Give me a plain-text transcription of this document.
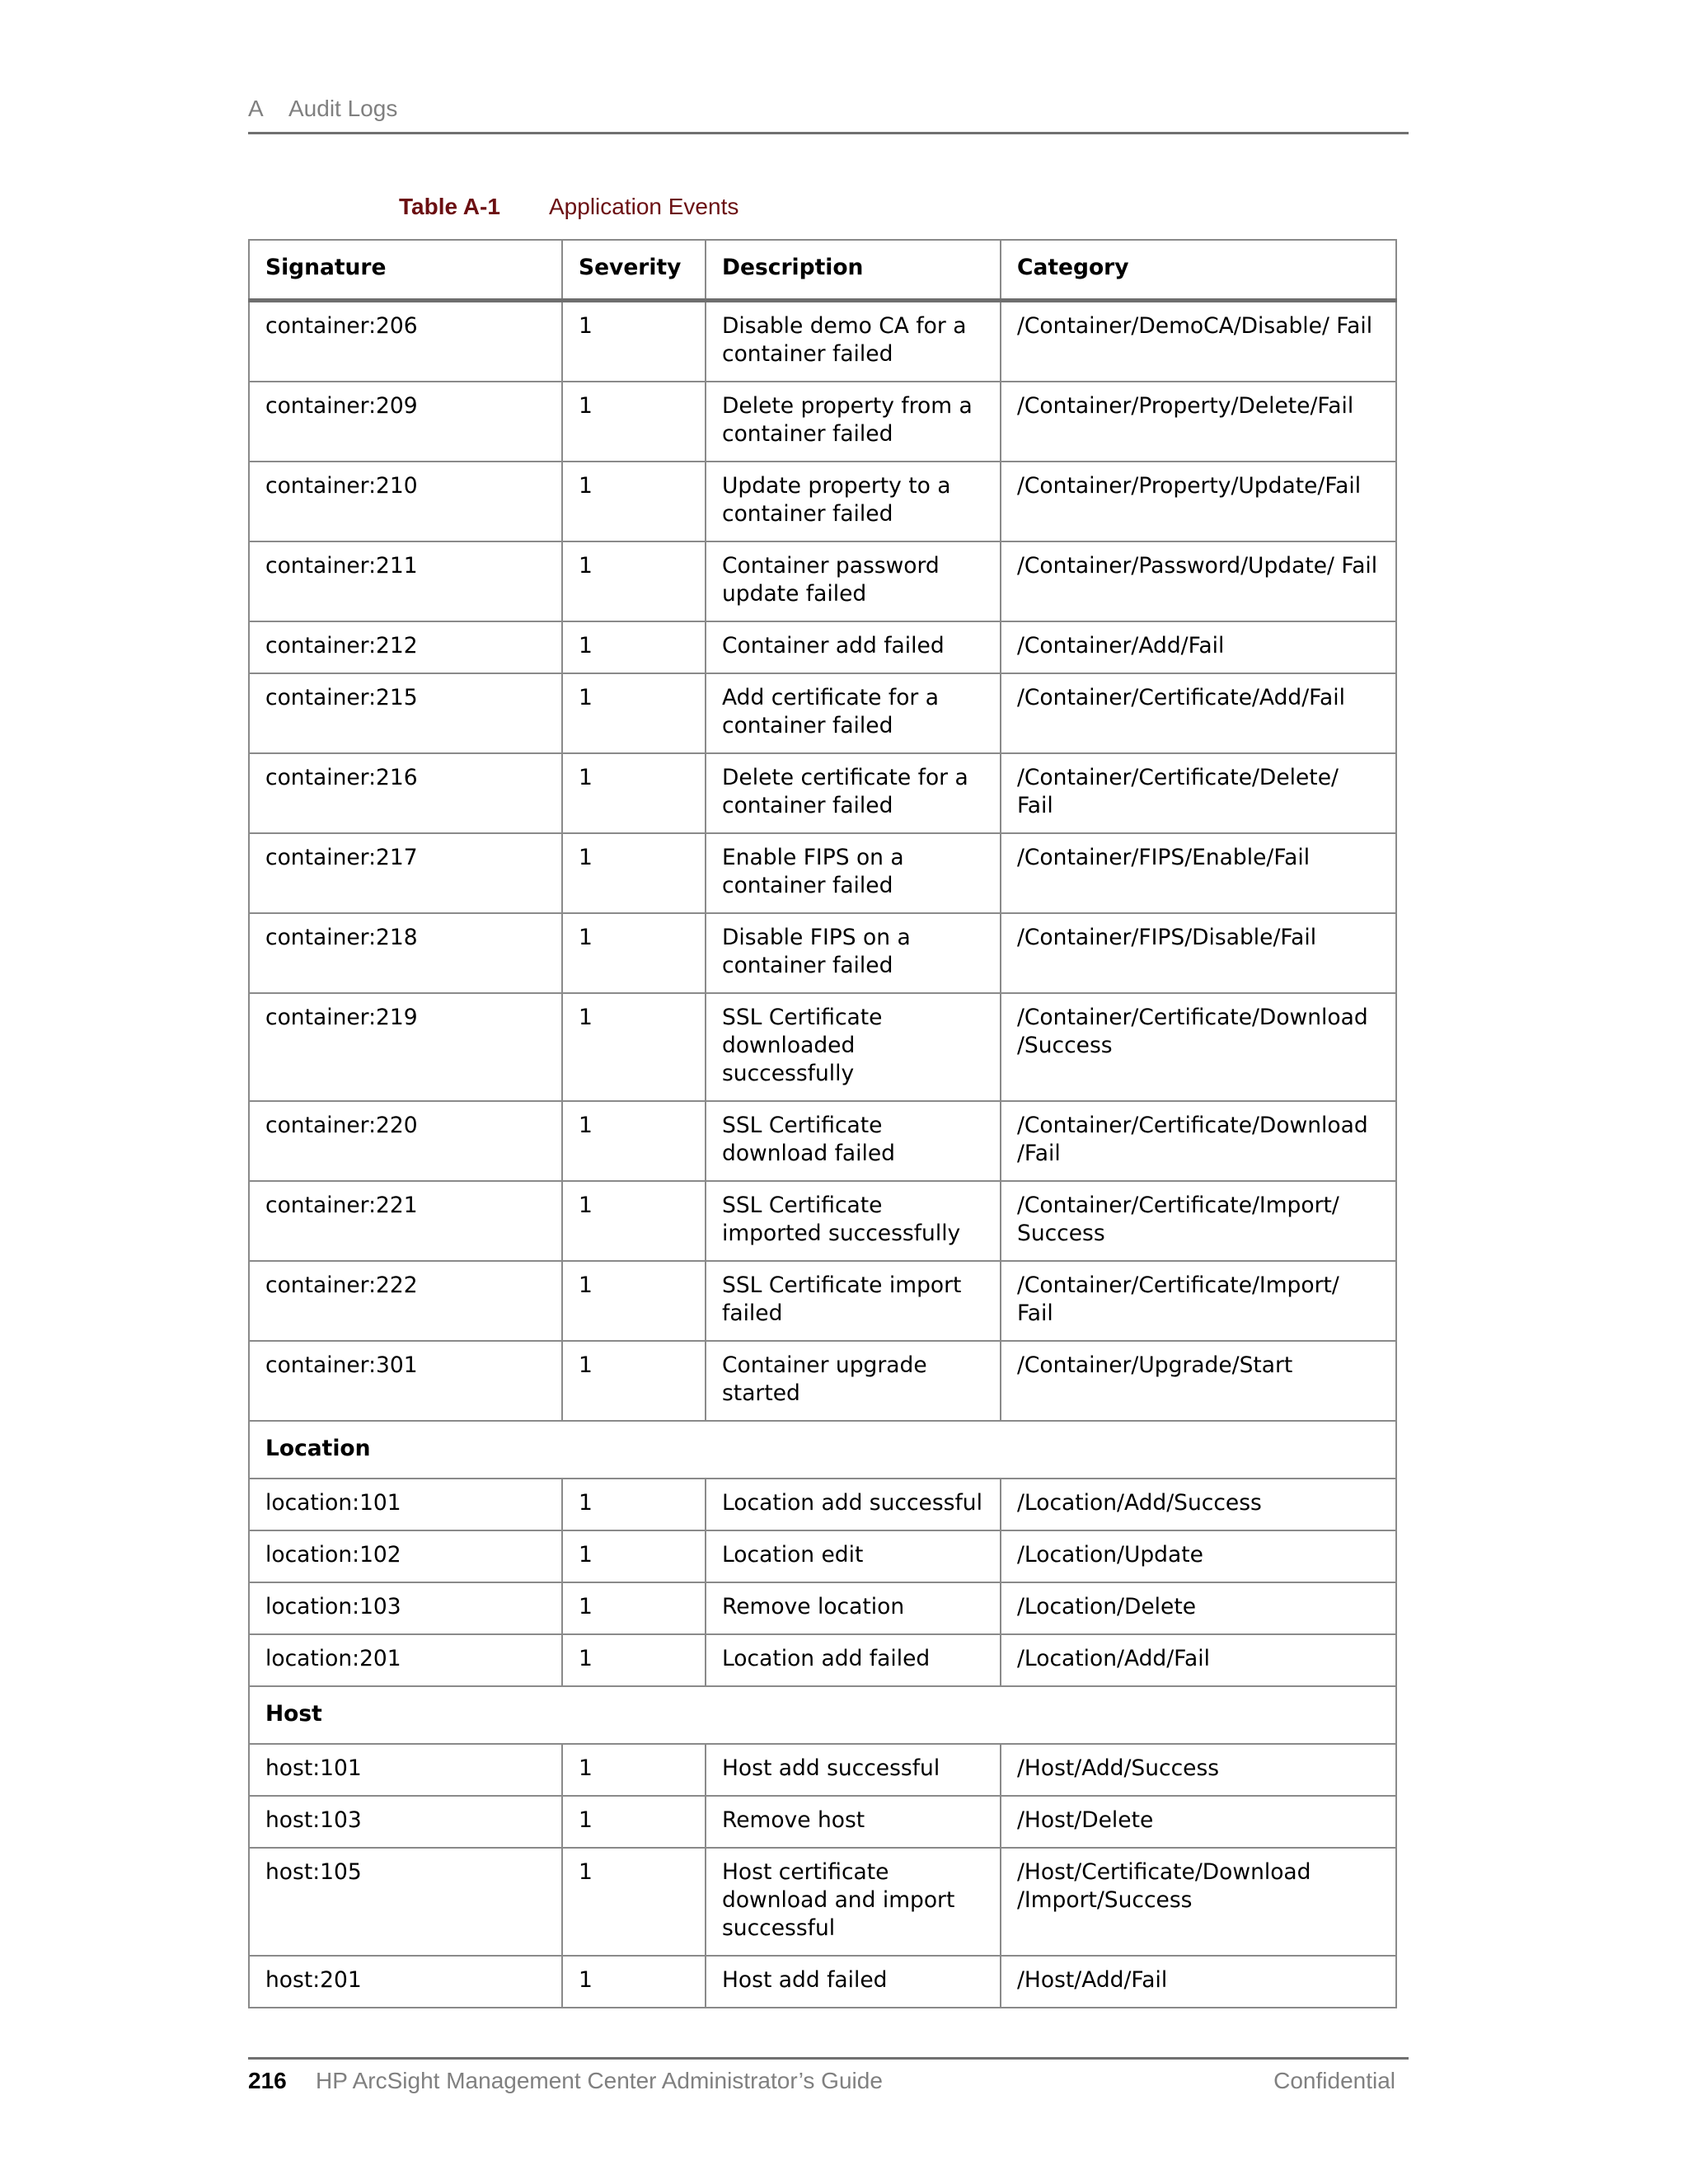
A Audit Logs
Table A-1 Application Events
Signature	Severity	Description	Category
container:206	1	Disable demo CA for a container failed	/Container/DemoCA/Disable/ Fail
container:209	1	Delete property from a container failed	/Container/Property/Delete/Fail
container:210	1	Update property to a container failed	/Container/Property/Update/Fail
container:211	1	Container password update failed	/Container/Password/Update/ Fail
container:212	1	Container add failed	/Container/Add/Fail
container:215	1	Add certificate for a container failed	/Container/Certificate/Add/Fail
container:216	1	Delete certificate for a container failed	/Container/Certificate/Delete/ Fail
container:217	1	Enable FIPS on a container failed	/Container/FIPS/Enable/Fail
container:218	1	Disable FIPS on a container failed	/Container/FIPS/Disable/Fail
container:219	1	SSL Certificate downloaded successfully	/Container/Certificate/Download /Success
container:220	1	SSL Certificate download failed	/Container/Certificate/Download /Fail
container:221	1	SSL Certificate imported successfully	/Container/Certificate/Import/ Success
container:222	1	SSL Certificate import failed	/Container/Certificate/Import/ Fail
container:301	1	Container upgrade started	/Container/Upgrade/Start
Location			
location:101	1	Location add successful	/Location/Add/Success
location:102	1	Location edit	/Location/Update
location:103	1	Remove location	/Location/Delete
location:201	1	Location add failed	/Location/Add/Fail
Host			
host:101	1	Host add successful	/Host/Add/Success
host:103	1	Remove host	/Host/Delete
host:105	1	Host certificate download and import successful	/Host/Certificate/Download /Import/Success
host:201	1	Host add failed	/Host/Add/Fail
216 HP ArcSight Management Center Administrator’s Guide	Confidential
